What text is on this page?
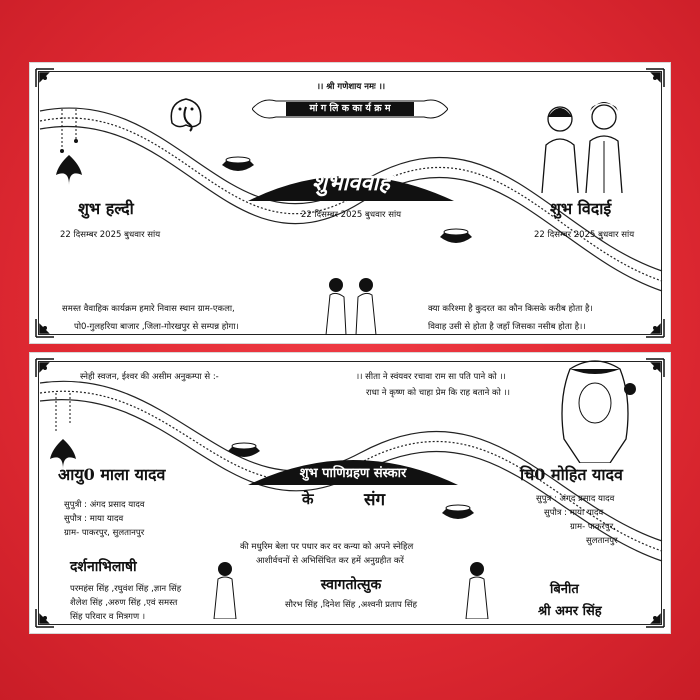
।। श्री गणेशाय नमः ।।
मां ग लि क का र्य क्र म
शुभविवाह
22 दिसम्बर 2025 बुधवार सांय
शुभ हल्दी
22 दिसम्बर 2025 बुधवार सांय
शुभ विदाई
22 दिसम्बर 2025 बुधवार सांय
समस्त वैवाहिक कार्यक्रम हमारे निवास स्थान ग्राम-एकला,
पो0-गुलहरिया बाजार ,जिला-गोरखपुर से सम्पन्न होगा।
क्या करिश्मा है कुदरत का कौन किसके करीब होता है।
विवाह उसी से होता है जहाँ जिसका नसीब होता है।।
स्नेही स्वजन, ईश्वर की असीम अनुकम्पा से :-	।। सीता ने स्वंयवर रचावा राम सा पति पाने को ।।
राधा ने कृष्ण को चाहा प्रेम कि राह बताने को ।।
शुभ पाणिग्रहण संस्कार
के	संग
आयु0 माला यादव
सुपुत्री : अंगद प्रसाद यादव
सुपौत्र : माया यादव
ग्राम- पाकरपुर, सुलतानपुर
चि0 मोहित यादव
सुपुत्र : अंगद प्रसाद यादव
सुपौत्र : माया यादव
ग्राम- पाकरपुर,
सुलतानपुर
की मधुरिम बेला पर पधार कर वर कन्या को अपने स्नेहिल
आशीर्वचनों से अभिसिंचित कर हमें अनुग्रहीत करें
दर्शनाभिलाषी
परमहंस सिंह ,रघुवंश सिंह ,ज्ञान सिंह
शैलेश सिंह ,अरुण सिंह ,एवं समस्त
सिंह परिवार व मित्रगण ।
स्वागतोत्सुक
सौरभ सिंह ,दिनेश सिंह ,अश्वनी प्रताप सिंह
बिनीत
श्री अमर सिंह
